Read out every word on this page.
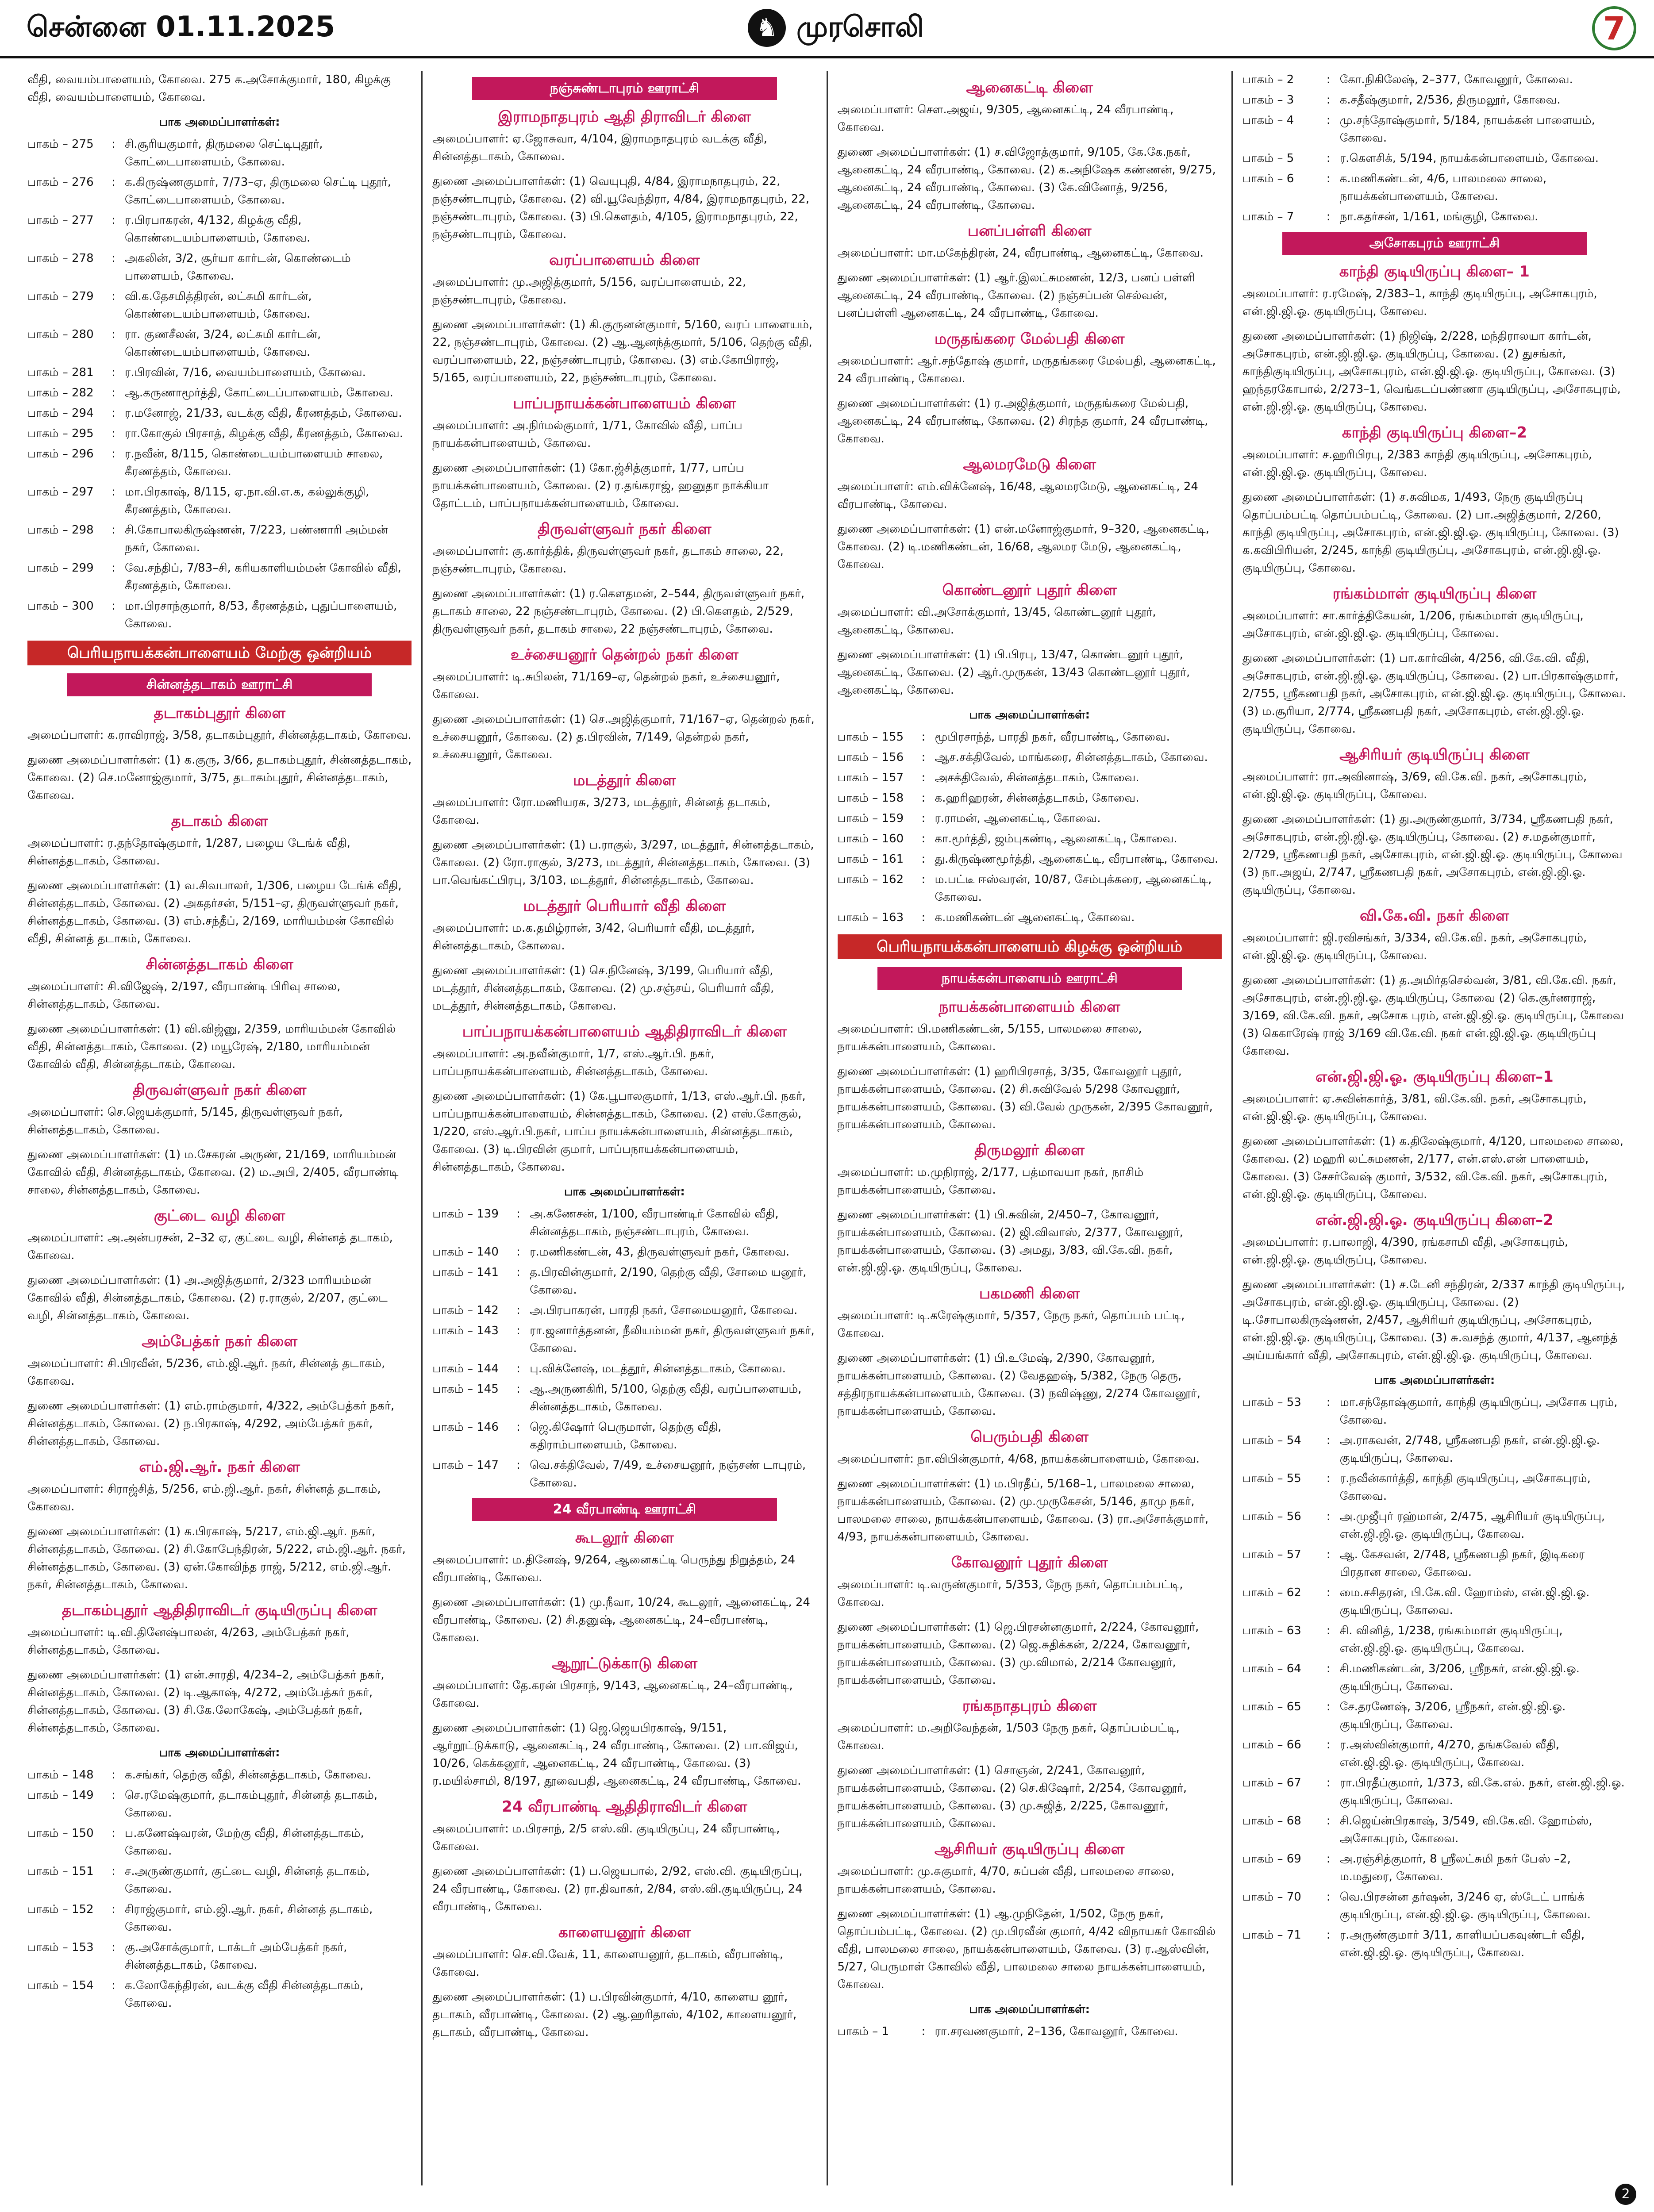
சென்னை 01.11.2025	♞ முரசொலி	7

வீதி, வையம்பாளையம், கோவை. 275 க.அசோக்குமார், 180, கிழக்கு வீதி, வையம்பாளையம், கோவை.

பாக அமைப்பாளர்கள்:
பாகம் – 275	: சி.சூரியகுமார், திருமலை செட்டிபுதூர், கோட்டைபாளையம், கோவை.
பாகம் – 276	: க.கிருஷ்ணகுமார், 7/73–ஏ, திருமலை செட்டி புதூர், கோட்டைபாளையம், கோவை.
பாகம் – 277	: ர.பிரபாகரன், 4/132, கிழக்கு வீதி, கொண்டையம்பாளையம், கோவை.
பாகம் – 278	: அகலின், 3/2, சூர்யா கார்டன், கொண்டைம் பாளையம், கோவை.
பாகம் – 279	: வி.க.தேசமித்திரன், லட்சுமி கார்டன், கொண்டையம்பாளையம், கோவை.
பாகம் – 280	: ரா. குணசீலன், 3/24, லட்சுமி கார்டன், கொண்டையம்பாளையம், கோவை.
பாகம் – 281	: ர.பிரவின், 7/16, வையம்பாளையம், கோவை.
பாகம் – 282	: ஆ.கருணாமூர்த்தி, கோட்டைப்பாளையம், கோவை.
பாகம் – 294	: ர.மனோஜ், 21/33, வடக்கு வீதி, கீரணத்தம், கோவை.
பாகம் – 295	: ரா.கோகுல் பிரசாத், கிழக்கு வீதி, கீரணத்தம், கோவை.
பாகம் – 296	: ர.நவீன், 8/115, கொண்டையம்பாளையம் சாலை, கீரணத்தம், கோவை.
பாகம் – 297	: மா.பிரகாஷ், 8/115, ஏ.நா.வி.எ.க, கல்லுக்குழி, கீரணத்தம், கோவை.
பாகம் – 298	: சி.கோபாலகிருஷ்ணன், 7/223, பண்ணாரி அம்மன் நகர், கோவை.
பாகம் – 299	: வே.சந்திப், 7/83–சி, கரியகாளியம்மன் கோவில் வீதி, கீரணத்தம், கோவை.
பாகம் – 300	: மா.பிரசாந்குமார், 8/53, கீரணத்தம், புதுப்பாளையம், கோவை.
பெரியநாயக்கன்பாளையம் மேற்கு ஒன்றியம்
சின்னத்தடாகம் ஊராட்சி
தடாகம்புதூர் கிளை

அமைப்பாளர்: க.ராவிராஜ், 3/58, தடாகம்புதூர், சின்னத்தடாகம், கோவை.

துணை அமைப்பாளர்கள்: (1) க.குரு, 3/66, தடாகம்புதூர், சின்னத்தடாகம், கோவை. (2) செ.மனோஜ்குமார், 3/75, தடாகம்புதூர், சின்னத்தடாகம், கோவை.

தடாகம் கிளை

அமைப்பாளர்: ர.தந்தோஷ்குமார், 1/287, பழைய டேங்க் வீதி, சின்னத்தடாகம், கோவை.

துணை அமைப்பாளர்கள்: (1) வ.சிவபாலர், 1/306, பழைய டேங்க் வீதி, சின்னத்தடாகம், கோவை. (2) அகதர்சன், 5/151–ஏ, திருவள்ளுவர் நகர், சின்னத்தடாகம், கோவை. (3) எம்.சந்தீப், 2/169, மாரியம்மன் கோவில் வீதி, சின்னத் தடாகம், கோவை.

சின்னத்தடாகம் கிளை

அமைப்பாளர்: சி.விஜேஷ், 2/197, வீரபாண்டி பிரிவு சாலை, சின்னத்தடாகம், கோவை.

துணை அமைப்பாளர்கள்: (1) வி.விஜ்னு, 2/359, மாரியம்மன் கோவில் வீதி, சின்னத்தடாகம், கோவை. (2) மயூரேஷ், 2/180, மாரியம்மன் கோவில் வீதி, சின்னத்தடாகம், கோவை.

திருவள்ளுவர் நகர் கிளை

அமைப்பாளர்: செ.ஜெயக்குமார், 5/145, திருவள்ளுவர் நகர், சின்னத்தடாகம், கோவை.

துணை அமைப்பாளர்கள்: (1) ம.சேகரன் அருண், 21/169, மாரியம்மன் கோவில் வீதி, சின்னத்தடாகம், கோவை. (2) ம.அபி, 2/405, வீரபாண்டி சாலை, சின்னத்தடாகம், கோவை.

குட்டை வழி கிளை

அமைப்பாளர்: அ.அன்பரசன், 2–32 ஏ, குட்டை வழி, சின்னத் தடாகம், கோவை.

துணை அமைப்பாளர்கள்: (1) அ.அஜித்குமார், 2/323 மாரியம்மன் கோவில் வீதி, சின்னத்தடாகம், கோவை. (2) ர.ராகுல், 2/207, குட்டை வழி, சின்னத்தடாகம், கோவை.

அம்பேத்கர் நகர் கிளை

அமைப்பாளர்: சி.பிரவீன், 5/236, எம்.ஜி.ஆர். நகர், சின்னத் தடாகம், கோவை.

துணை அமைப்பாளர்கள்: (1) எம்.ராம்குமார், 4/322, அம்பேத்கர் நகர், சின்னத்தடாகம், கோவை. (2) ந.பிரகாஷ், 4/292, அம்பேத்கர் நகர், சின்னத்தடாகம், கோவை.

எம்.ஜி.ஆர். நகர் கிளை

அமைப்பாளர்: சிராஜ்சித், 5/256, எம்.ஜி.ஆர். நகர், சின்னத் தடாகம், கோவை.

துணை அமைப்பாளர்கள்: (1) க.பிரகாஷ், 5/217, எம்.ஜி.ஆர். நகர், சின்னத்தடாகம், கோவை. (2) சி.கோபேந்திரன், 5/222, எம்.ஜி.ஆர். நகர், சின்னத்தடாகம், கோவை. (3) ஏன்.கோவிந்த ராஜ், 5/212, எம்.ஜி.ஆர். நகர், சின்னத்தடாகம், கோவை.

தடாகம்புதூர் ஆதிதிராவிடர் குடியிருப்பு கிளை

அமைப்பாளர்: டி.வி.தினேஷ்பாலன், 4/263, அம்பேத்கர் நகர், சின்னத்தடாகம், கோவை.

துணை அமைப்பாளர்கள்: (1) என்.சாரதி, 4/234–2, அம்பேத்கர் நகர், சின்னத்தடாகம், கோவை. (2) டி.ஆகாஷ், 4/272, அம்பேத்கர் நகர், சின்னத்தடாகம், கோவை. (3) சி.கே.லோகேஷ், அம்பேத்கர் நகர், சின்னத்தடாகம், கோவை.

பாக அமைப்பாளர்கள்:
பாகம் – 148	: க.சங்கர், தெற்கு வீதி, சின்னத்தடாகம், கோவை.
பாகம் – 149	: செ.ரமேஷ்குமார், தடாகம்புதூர், சின்னத் தடாகம், கோவை.
பாகம் – 150	: ப.கணேஷ்வரன், மேற்கு வீதி, சின்னத்தடாகம், கோவை.
பாகம் – 151	: ச.அருண்குமார், குட்டை வழி, சின்னத் தடாகம், கோவை.
பாகம் – 152	: சிராஜ்குமார், எம்.ஜி.ஆர். நகர், சின்னத் தடாகம், கோவை.
பாகம் – 153	: கு.அசோக்குமார், டாக்டர் அம்பேத்கர் நகர், சின்னத்தடாகம், கோவை.
பாகம் – 154	: க.லோகேந்திரன், வடக்கு வீதி சின்னத்தடாகம், கோவை.
நஞ்சுண்டாபுரம் ஊராட்சி
இராமநாதபுரம் ஆதி திராவிடர் கிளை

அமைப்பாளர்: ஏ.ஜோசுவா, 4/104, இராமநாதபுரம் வடக்கு வீதி, சின்னத்தடாகம், கோவை.

துணை அமைப்பாளர்கள்: (1) வெயுபுதி, 4/84, இராமநாதபுரம், 22, நஞ்சண்டாபுரம், கோவை. (2) வி.யூவேந்திரா, 4/84, இராமநாதபுரம், 22, நஞ்சண்டாபுரம், கோவை. (3) பி.கௌதம், 4/105, இராமநாதபுரம், 22, நஞ்சண்டாபுரம், கோவை.

வரப்பாளையம் கிளை

அமைப்பாளர்: மு.அஜித்குமார், 5/156, வரப்பாளையம், 22, நஞ்சண்டாபுரம், கோவை.

துணை அமைப்பாளர்கள்: (1) கி.குருனன்குமார், 5/160, வரப் பாளையம், 22, நஞ்சண்டாபுரம், கோவை. (2) ஆ.ஆனந்த்குமார், 5/106, தெற்கு வீதி, வரப்பாளையம், 22, நஞ்சண்டாபுரம், கோவை. (3) எம்.கோபிராஜ், 5/165, வரப்பாளையம், 22, நஞ்சண்டாபுரம், கோவை.

பாப்பநாயக்கன்பாளையம் கிளை

அமைப்பாளர்: அ.நிர்மல்குமார், 1/71, கோவில் வீதி, பாப்ப நாயக்கன்பாளையம், கோவை.

துணை அமைப்பாளர்கள்: (1) கோ.ஜ்சித்குமார், 1/77, பாப்ப நாயக்கன்பாளையம், கோவை. (2) ர.தங்கராஜ், ஹனுதா நாக்கியா தோட்டம், பாப்பநாயக்கன்பாளையம், கோவை.

திருவள்ளுவர் நகர் கிளை

அமைப்பாளர்: கு.கார்த்திக், திருவள்ளுவர் நகர், தடாகம் சாலை, 22, நஞ்சண்டாபுரம், கோவை.

துணை அமைப்பாளர்கள்: (1) ர.கௌதமன், 2–544, திருவள்ளுவர் நகர், தடாகம் சாலை, 22 நஞ்சண்டாபுரம், கோவை. (2) பி.கௌதம், 2/529, திருவள்ளுவர் நகர், தடாகம் சாலை, 22 நஞ்சண்டாபுரம், கோவை.

உச்சையனூர் தென்றல் நகர் கிளை

அமைப்பாளர்: டி.சுபிலன், 71/169–ஏ, தென்றல் நகர், உச்சையனூர், கோவை.

துணை அமைப்பாளர்கள்: (1) செ.அஜித்குமார், 71/167–ஏ, தென்றல் நகர், உச்சையனூர், கோவை. (2) த.பிரவின், 7/149, தென்றல் நகர், உச்சையனூர், கோவை.

மடத்தூர் கிளை

அமைப்பாளர்: ரோ.மணியரசு, 3/273, மடத்தூர், சின்னத் தடாகம், கோவை.

துணை அமைப்பாளர்கள்: (1) ப.ராகுல், 3/297, மடத்தூர், சின்னத்தடாகம், கோவை. (2) ரோ.ராகுல், 3/273, மடத்தூர், சின்னத்தடாகம், கோவை. (3) பா.வெங்கட்பிரபு, 3/103, மடத்தூர், சின்னத்தடாகம், கோவை.

மடத்தூர் பெரியார் வீதி கிளை

அமைப்பாளர்: ம.க.தமிழ்ரான், 3/42, பெரியார் வீதி, மடத்தூர், சின்னத்தடாகம், கோவை.

துணை அமைப்பாளர்கள்: (1) செ.நினேஷ், 3/199, பெரியார் வீதி, மடத்தூர், சின்னத்தடாகம், கோவை. (2) மு.சஞ்சய், பெரியார் வீதி, மடத்தூர், சின்னத்தடாகம், கோவை.

பாப்பநாயக்கன்பாளையம் ஆதிதிராவிடர் கிளை

அமைப்பாளர்: அ.நவீன்குமார், 1/7, எஸ்.ஆர்.பி. நகர், பாப்பநாயக்கன்பாளையம், சின்னத்தடாகம், கோவை.

துணை அமைப்பாளர்கள்: (1) கே.பூபாலகுமார், 1/13, எஸ்.ஆர்.பி. நகர், பாப்பநாயக்கன்பாளையம், சின்னத்தடாகம், கோவை. (2) எஸ்.கோகுல், 1/220, எஸ்.ஆர்.பி.நகர், பாப்ப நாயக்கன்பாளையம், சின்னத்தடாகம், கோவை. (3) டி.பிரவின் குமார், பாப்பநாயக்கன்பாளையம், சின்னத்தடாகம், கோவை.

பாக அமைப்பாளர்கள்:
பாகம் – 139	: அ.கணேசன், 1/100, வீரபாண்டிர் கோவில் வீதி, சின்னத்தடாகம், நஞ்சண்டாபுரம், கோவை.
பாகம் – 140	: ர.மணிகண்டன், 43, திருவள்ளுவர் நகர், கோவை.
பாகம் – 141	: த.பிரவின்குமார், 2/190, தெற்கு வீதி, சோமை யனூர், கோவை.
பாகம் – 142	: அ.பிரபாகரன், பாரதி நகர், சோமையனூர், கோவை.
பாகம் – 143	: ரா.ஜனார்த்தனன், நீலியம்மன் நகர், திருவள்ளுவர் நகர், கோவை.
பாகம் – 144	: பு.விக்னேஷ், மடத்தூர், சின்னத்தடாகம், கோவை.
பாகம் – 145	: ஆ.அருணகிரி, 5/100, தெற்கு வீதி, வரப்பாளையம், சின்னத்தடாகம், கோவை.
பாகம் – 146	: ஜெ.கிஷோர் பெருமாள், தெற்கு வீதி, கதிராம்பாளையம், கோவை.
பாகம் – 147	: வெ.சக்திவேல், 7/49, உச்சையனூர், நஞ்சண் டாபுரம், கோவை.
24 வீரபாண்டி ஊராட்சி
கூடலூர் கிளை

அமைப்பாளர்: ம.தினேஷ், 9/264, ஆனைகட்டி பெருந்து நிறுத்தம், 24 வீரபாண்டி, கோவை.

துணை அமைப்பாளர்கள்: (1) மு.நீவா, 10/24, கூடலூர், ஆனைகட்டி, 24 வீரபாண்டி, கோவை. (2) சி.தனுஷ், ஆனைகட்டி, 24–வீரபாண்டி, கோவை.

ஆறூட்டுக்காடு கிளை

அமைப்பாளர்: தே.கரன் பிரசாந், 9/143, ஆனைகட்டி, 24–வீரபாண்டி, கோவை.

துணை அமைப்பாளர்கள்: (1) ஜெ.ஜெயபிரகாஷ், 9/151, ஆர்றூட்டுக்காடு, ஆனைகட்டி, 24 வீரபாண்டி, கோவை. (2) பா.விஜய், 10/26, கெக்கனூர், ஆனைகட்டி, 24 வீரபாண்டி, கோவை. (3) ர.மயில்சாமி, 8/197, தூவைபதி, ஆனைகட்டி, 24 வீரபாண்டி, கோவை.

24 வீரபாண்டி ஆதிதிராவிடர் கிளை

அமைப்பாளர்: ம.பிரசாந், 2/5 எஸ்.வி. குடியிருப்பு, 24 வீரபாண்டி, கோவை.

துணை அமைப்பாளர்கள்: (1) ப.ஜெயபால், 2/92, எஸ்.வி. குடியிருப்பு, 24 வீரபாண்டி, கோவை. (2) ரா.திவாகர், 2/84, எஸ்.வி.குடியிருப்பு, 24 வீரபாண்டி, கோவை.

காளையனூர் கிளை

அமைப்பாளர்: செ.வி.வேக், 11, காளையனூர், தடாகம், வீரபாண்டி, கோவை.

துணை அமைப்பாளர்கள்: (1) ப.பிரவின்குமார், 4/10, காளைய னூர், தடாகம், வீரபாண்டி, கோவை. (2) ஆ.ஹரிதாஸ், 4/102, காளையனூர், தடாகம், வீரபாண்டி, கோவை.

ஆனைகட்டி கிளை

அமைப்பாளர்: செள.அஜய், 9/305, ஆனைகட்டி, 24 வீரபாண்டி, கோவை.

துணை அமைப்பாளர்கள்: (1) ச.விஜோத்குமார், 9/105, கே.கே.நகர், ஆனைகட்டி, 24 வீரபாண்டி, கோவை. (2) க.அநிஷேக கண்ணன், 9/275, ஆனைகட்டி, 24 வீரபாண்டி, கோவை. (3) கே.வினோத், 9/256, ஆனைகட்டி, 24 வீரபாண்டி, கோவை.

பனப்பள்ளி கிளை

அமைப்பாளர்: மா.மகேந்திரன், 24, வீரபாண்டி, ஆனைகட்டி, கோவை.

துணை அமைப்பாளர்கள்: (1) ஆர்.இலட்சுமணன், 12/3, பனப் பள்ளி ஆனைகட்டி, 24 வீரபாண்டி, கோவை. (2) நஞ்சப்பன் செல்வன், பனப்பள்ளி ஆனைகட்டி, 24 வீரபாண்டி, கோவை.

மருதங்கரை மேல்பதி கிளை

அமைப்பாளர்: ஆர்.சந்தோஷ் குமார், மருதங்கரை மேல்பதி, ஆனைகட்டி, 24 வீரபாண்டி, கோவை.

துணை அமைப்பாளர்கள்: (1) ர.அஜித்குமார், மருதங்கரை மேல்பதி, ஆனைகட்டி, 24 வீரபாண்டி, கோவை. (2) சிரந்த குமார், 24 வீரபாண்டி, கோவை.

ஆலமரமேடு கிளை

அமைப்பாளர்: எம்.விக்னேஷ், 16/48, ஆலமரமேடு, ஆனைகட்டி, 24 வீரபாண்டி, கோவை.

துணை அமைப்பாளர்கள்: (1) என்.மனோஜ்குமார், 9–320, ஆனைகட்டி, கோவை. (2) டி.மணிகண்டன், 16/68, ஆலமர மேடு, ஆனைகட்டி, கோவை.

கொண்டனூர் புதூர் கிளை

அமைப்பாளர்: வி.அசோக்குமார், 13/45, கொண்டனூர் புதூர், ஆனைகட்டி, கோவை.

துணை அமைப்பாளர்கள்: (1) பி.பிரபு, 13/47, கொண்டனூர் புதூர், ஆனைகட்டி, கோவை. (2) ஆர்.முருகன், 13/43 கொண்டனூர் புதூர், ஆனைகட்டி, கோவை.

பாக அமைப்பாளர்கள்:
பாகம் – 155	: மூபிரசாந்த், பாரதி நகர், வீரபாண்டி, கோவை.
பாகம் – 156	: ஆச.சக்திவேல், மாங்கரை, சின்னத்தடாகம், கோவை.
பாகம் – 157	: அசக்திவேல், சின்னத்தடாகம், கோவை.
பாகம் – 158	: க.ஹரிஹரன், சின்னத்தடாகம், கோவை.
பாகம் – 159	: ர.ராமன், ஆனைகட்டி, கோவை.
பாகம் – 160	: கா.மூர்த்தி, ஜம்புகண்டி, ஆனைகட்டி, கோவை.
பாகம் – 161	: து.கிருஷ்ணமூர்த்தி, ஆனைகட்டி, வீரபாண்டி, கோவை.
பாகம் – 162	: ம.பட்டீ ஈஸ்வரன், 10/87, சேம்புக்கரை, ஆனைகட்டி, கோவை.
பாகம் – 163	: க.மணிகண்டன் ஆனைகட்டி, கோவை.
பெரியநாயக்கன்பாளையம் கிழக்கு ஒன்றியம்
நாயக்கன்பாளையம் ஊராட்சி
நாயக்கன்பாளையம் கிளை

அமைப்பாளர்: பி.மணிகண்டன், 5/155, பாலமலை சாலை, நாயக்கன்பாளையம், கோவை.

துணை அமைப்பாளர்கள்: (1) ஹரிபிரசாத், 3/35, கோவனூர் புதூர், நாயக்கன்பாளையம், கோவை. (2) சி.சுவிவேல் 5/298 கோவனூர், நாயக்கன்பாளையம், கோவை. (3) வி.வேல் முருகன், 2/395 கோவனூர், நாயக்கன்பாளையம், கோவை.

திருமலூர் கிளை

அமைப்பாளர்: ம.முநிராஜ், 2/177, பத்மாவயா நகர், நாசிம் நாயக்கன்பாளையம், கோவை.

துணை அமைப்பாளர்கள்: (1) பி.சுவின், 2/450–7, கோவனூர், நாயக்கன்பாளையம், கோவை. (2) ஜி.விவாஸ், 2/377, கோவனூர், நாயக்கன்பாளையம், கோவை. (3) அமது, 3/83, வி.கே.வி. நகர், என்.ஜி.ஜி.ஓ. குடியிருப்பு, கோவை.

பகமணி கிளை

அமைப்பாளர்: டி.கரேஷ்குமார், 5/357, நேரு நகர், தொப்பம் பட்டி, கோவை.

துணை அமைப்பாளர்கள்: (1) பி.உமேஷ், 2/390, கோவனூர், நாயக்கன்பாளையம், கோவை. (2) வேதஹஷ், 5/382, நேரு தெரு, சத்திரநாயக்கன்பாளையம், கோவை. (3) நவிஷ்ணு, 2/274 கோவனூர், நாயக்கன்பாளையம், கோவை.

பெரும்பதி கிளை

அமைப்பாளர்: நா.விபின்குமார், 4/68, நாயக்கன்பாளையம், கோவை.

துணை அமைப்பாளர்கள்: (1) ம.பிரதீப், 5/168–1, பாலமலை சாலை, நாயக்கன்பாளையம், கோவை. (2) மு.முருகேசன், 5/146, தாமு நகர், பாலமலை சாலை, நாயக்கன்பாளையம், கோவை. (3) ரா.அசோக்குமார், 4/93, நாயக்கன்பாளையம், கோவை.

கோவனூர் புதூர் கிளை

அமைப்பாளர்: டி.வருண்குமார், 5/353, நேரு நகர், தொப்பம்பட்டி, கோவை.

துணை அமைப்பாளர்கள்: (1) ஜெ.பிரசன்னகுமார், 2/224, கோவனூர், நாயக்கன்பாளையம், கோவை. (2) ஜெ.சுதிக்கன், 2/224, கோவனூர், நாயக்கன்பாளையம், கோவை. (3) மு.விமால், 2/214 கோவனூர், நாயக்கன்பாளையம், கோவை.

ரங்கநாதபுரம் கிளை

அமைப்பாளர்: ம.அறிவேந்தன், 1/503 நேரு நகர், தொப்பம்பட்டி, கோவை.

துணை அமைப்பாளர்கள்: (1) சொஞன், 2/241, கோவனூர், நாயக்கன்பாளையம், கோவை. (2) செ.கிஷோர், 2/254, கோவனூர், நாயக்கன்பாளையம், கோவை. (3) மு.சுஜித், 2/225, கோவனூர், நாயக்கன்பாளையம், கோவை.

ஆசிரியர் குடியிருப்பு கிளை

அமைப்பாளர்: மு.சுகுமார், 4/70, சுப்பன் வீதி, பாலமலை சாலை, நாயக்கன்பாளையம், கோவை.

துணை அமைப்பாளர்கள்: (1) ஆ.முநிதேன், 1/502, நேரு நகர், தொப்பம்பட்டி, கோவை. (2) மு.பிரவீன் குமார், 4/42 விநாயகர் கோவில் வீதி, பாலமலை சாலை, நாயக்கன்பாளையம், கோவை. (3) ர.ஆஸ்வின், 5/27, பெருமாள் கோவில் வீதி, பாலமலை சாலை நாயக்கன்பாளையம், கோவை.

பாக அமைப்பாளர்கள்:
பாகம் – 1	: ரா.சரவணகுமார், 2–136, கோவனூர், கோவை.
பாகம் – 2	: கோ.நிகிலேஷ், 2–377, கோவனூர், கோவை.
பாகம் – 3	: க.சதீஷ்குமார், 2/536, திருமலூர், கோவை.
பாகம் – 4	: மு.சந்தோஷ்குமார், 5/184, நாயக்கன் பாளையம், கோவை.
பாகம் – 5	: ர.கௌசிக், 5/194, நாயக்கன்பாளையம், கோவை.
பாகம் – 6	: க.மணிகண்டன், 4/6, பாலமலை சாலை, நாயக்கன்பாளையம், கோவை.
பாகம் – 7	: நா.கதர்சன், 1/161, மங்குழி, கோவை.
அசோகபுரம் ஊராட்சி
காந்தி குடியிருப்பு கிளை– 1

அமைப்பாளர்: ர.ரமேஷ், 2/383–1, காந்தி குடியிருப்பு, அசோகபுரம், என்.ஜி.ஜி.ஓ. குடியிருப்பு, கோவை.

துணை அமைப்பாளர்கள்: (1) நிஜிஷ், 2/228, மந்திராலயா கார்டன், அசோகபுரம், என்.ஜி.ஜி.ஓ. குடியிருப்பு, கோவை. (2) துசங்கர், காந்திகுடியிருப்பு, அசோகபுரம், என்.ஜி.ஜி.ஓ. குடியிருப்பு, கோவை. (3) ஹந்தரகோபால், 2/273–1, வெங்கடப்பண்ணா குடியிருப்பு, அசோகபுரம், என்.ஜி.ஜி.ஓ. குடியிருப்பு, கோவை.

காந்தி குடியிருப்பு கிளை–2

அமைப்பாளர்: ச.ஹரிபிரபு, 2/383 காந்தி குடியிருப்பு, அசோகபுரம், என்.ஜி.ஜி.ஓ. குடியிருப்பு, கோவை.

துணை அமைப்பாளர்கள்: (1) ச.சுவிமக, 1/493, நேரு குடியிருப்பு தொப்பம்பட்டி தொப்பம்பட்டி, கோவை. (2) பா.அஜித்குமார், 2/260, காந்தி குடியிருப்பு, அசோகபுரம், என்.ஜி.ஜி.ஓ. குடியிருப்பு, கோவை. (3) க.கவிபிரியன், 2/245, காந்தி குடியிருப்பு, அசோகபுரம், என்.ஜி.ஜி.ஓ. குடியிருப்பு, கோவை.

ரங்கம்மாள் குடியிருப்பு கிளை

அமைப்பாளர்: சா.கார்த்திகேயன், 1/206, ரங்கம்மாள் குடியிருப்பு, அசோகபுரம், என்.ஜி.ஜி.ஓ. குடியிருப்பு, கோவை.

துணை அமைப்பாளர்கள்: (1) பா.கார்வின், 4/256, வி.கே.வி. வீதி, அசோகபுரம், என்.ஜி.ஜி.ஓ. குடியிருப்பு, கோவை. (2) பா.பிரகாஷ்குமார், 2/755, ஸ்ரீகணபதி நகர், அசோகபுரம், என்.ஜி.ஜி.ஓ. குடியிருப்பு, கோவை. (3) ம.சூரியா, 2/774, ஸ்ரீகணபதி நகர், அசோகபுரம், என்.ஜி.ஜி.ஓ. குடியிருப்பு, கோவை.

ஆசிரியர் குடியிருப்பு கிளை

அமைப்பாளர்: ரா.அவினாஷ், 3/69, வி.கே.வி. நகர், அசோகபுரம், என்.ஜி.ஜி.ஓ. குடியிருப்பு, கோவை.

துணை அமைப்பாளர்கள்: (1) து.அருண்குமார், 3/734, ஸ்ரீகணபதி நகர், அசோகபுரம், என்.ஜி.ஜி.ஓ. குடியிருப்பு, கோவை. (2) ச.மதன்குமார், 2/729, ஸ்ரீகணபதி நகர், அசோகபுரம், என்.ஜி.ஜி.ஓ. குடியிருப்பு, கோவை (3) நா.அஜய், 2/747, ஸ்ரீகணபதி நகர், அசோகபுரம், என்.ஜி.ஜி.ஓ. குடியிருப்பு, கோவை.

வி.கே.வி. நகர் கிளை

அமைப்பாளர்: ஜி.ரவிசங்கர், 3/334, வி.கே.வி. நகர், அசோகபுரம், என்.ஜி.ஜி.ஓ. குடியிருப்பு, கோவை.

துணை அமைப்பாளர்கள்: (1) த.அமிர்தசெல்வன், 3/81, வி.கே.வி. நகர், அசோகபுரம், என்.ஜி.ஜி.ஓ. குடியிருப்பு, கோவை (2) கெ.சூர்ணராஜ், 3/169, வி.கே.வி. நகர், அசோக புரம், என்.ஜி.ஜி.ஓ. குடியிருப்பு, கோவை (3) கெகாரேஷ் ராஜ் 3/169 வி.கே.வி. நகர் என்.ஜி.ஜி.ஓ. குடியிருப்பு கோவை.

என்.ஜி.ஜி.ஓ. குடியிருப்பு கிளை–1

அமைப்பாளர்: ஏ.சுவின்கார்த், 3/81, வி.கே.வி. நகர், அசோகபுரம், என்.ஜி.ஜி.ஓ. குடியிருப்பு, கோவை.

துணை அமைப்பாளர்கள்: (1) க.திலேஷ்குமார், 4/120, பாலமலை சாலை, கோவை. (2) மஹரி லட்சுமணன், 2/177, என்.எஸ்.என் பாளையம், கோவை. (3) சேசர்வேஷ் குமார், 3/532, வி.கே.வி. நகர், அசோகபுரம், என்.ஜி.ஜி.ஓ. குடியிருப்பு, கோவை.

என்.ஜி.ஜி.ஓ. குடியிருப்பு கிளை–2

அமைப்பாளர்: ர.பாலாஜி, 4/390, ரங்கசாமி வீதி, அசோகபுரம், என்.ஜி.ஜி.ஓ. குடியிருப்பு, கோவை.

துணை அமைப்பாளர்கள்: (1) ச.டேனி சந்திரன், 2/337 காந்தி குடியிருப்பு, அசோகபுரம், என்.ஜி.ஜி.ஓ. குடியிருப்பு, கோவை. (2) டி.சோபாலகிருஷ்ணன், 2/457, ஆசிரியர் குடியிருப்பு, அசோகபுரம், என்.ஜி.ஜி.ஓ. குடியிருப்பு, கோவை. (3) சு.வசந்த் குமார், 4/137, ஆனந்த் அய்யங்கார் வீதி, அசோகபுரம், என்.ஜி.ஜி.ஓ. குடியிருப்பு, கோவை.

பாக அமைப்பாளர்கள்:
பாகம் – 53	: மா.சந்தோஷ்குமார், காந்தி குடியிருப்பு, அசோக புரம், கோவை.
பாகம் – 54	: அ.ராகவன், 2/748, ஸ்ரீகணபதி நகர், என்.ஜி.ஜி.ஓ. குடியிருப்பு, கோவை.
பாகம் – 55	: ர.நவீன்கார்த்தி, காந்தி குடியிருப்பு, அசோகபுரம், கோவை.
பாகம் – 56	: அ.முஜீபுர் ரஹ்மான், 2/475, ஆசிரியர் குடியிருப்பு, என்.ஜி.ஜி.ஓ. குடியிருப்பு, கோவை.
பாகம் – 57	: ஆ. கேசவன், 2/748, ஸ்ரீகணபதி நகர், இடிகரை பிரதான சாலை, கோவை.
பாகம் – 62	: மை.சசிதரன், பி.கே.வி. ஹோம்ஸ், என்.ஜி.ஜி.ஓ. குடியிருப்பு, கோவை.
பாகம் – 63	: சி. வினித், 1/238, ரங்கம்மாள் குடியிருப்பு, என்.ஜி.ஜி.ஓ. குடியிருப்பு, கோவை.
பாகம் – 64	: சி.மணிகண்டன், 3/206, ஸ்ரீநகர், என்.ஜி.ஜி.ஓ. குடியிருப்பு, கோவை.
பாகம் – 65	: சே.தரணேஷ், 3/206, ஸ்ரீநகர், என்.ஜி.ஜி.ஓ. குடியிருப்பு, கோவை.
பாகம் – 66	: ர.அஸ்வின்குமார், 4/270, தங்கவேல் வீதி, என்.ஜி.ஜி.ஓ. குடியிருப்பு, கோவை.
பாகம் – 67	: ரா.பிரதீப்குமார், 1/373, வி.கே.எல். நகர், என்.ஜி.ஜி.ஓ. குடியிருப்பு, கோவை.
பாகம் – 68	: சி.ஜெய்ன்பிரகாஷ், 3/549, வி.கே.வி. ஹோம்ஸ், அசோகபுரம், கோவை.
பாகம் – 69	: அ.ரஞ்சித்குமார், 8 ஸ்ரீலட்சுமி நகர் பேஸ் –2, ம.மதுரை, கோவை.
பாகம் – 70	: வெ.பிரசன்ன தர்ஷன், 3/246 ஏ, ஸ்டேட் பாங்க் குடியிருப்பு, என்.ஜி.ஜி.ஓ. குடியிருப்பு, கோவை.
பாகம் – 71	: ர.அருண்குமார் 3/11, காளியப்பகவுண்டர் வீதி, என்.ஜி.ஜி.ஓ. குடியிருப்பு, கோவை.
2
